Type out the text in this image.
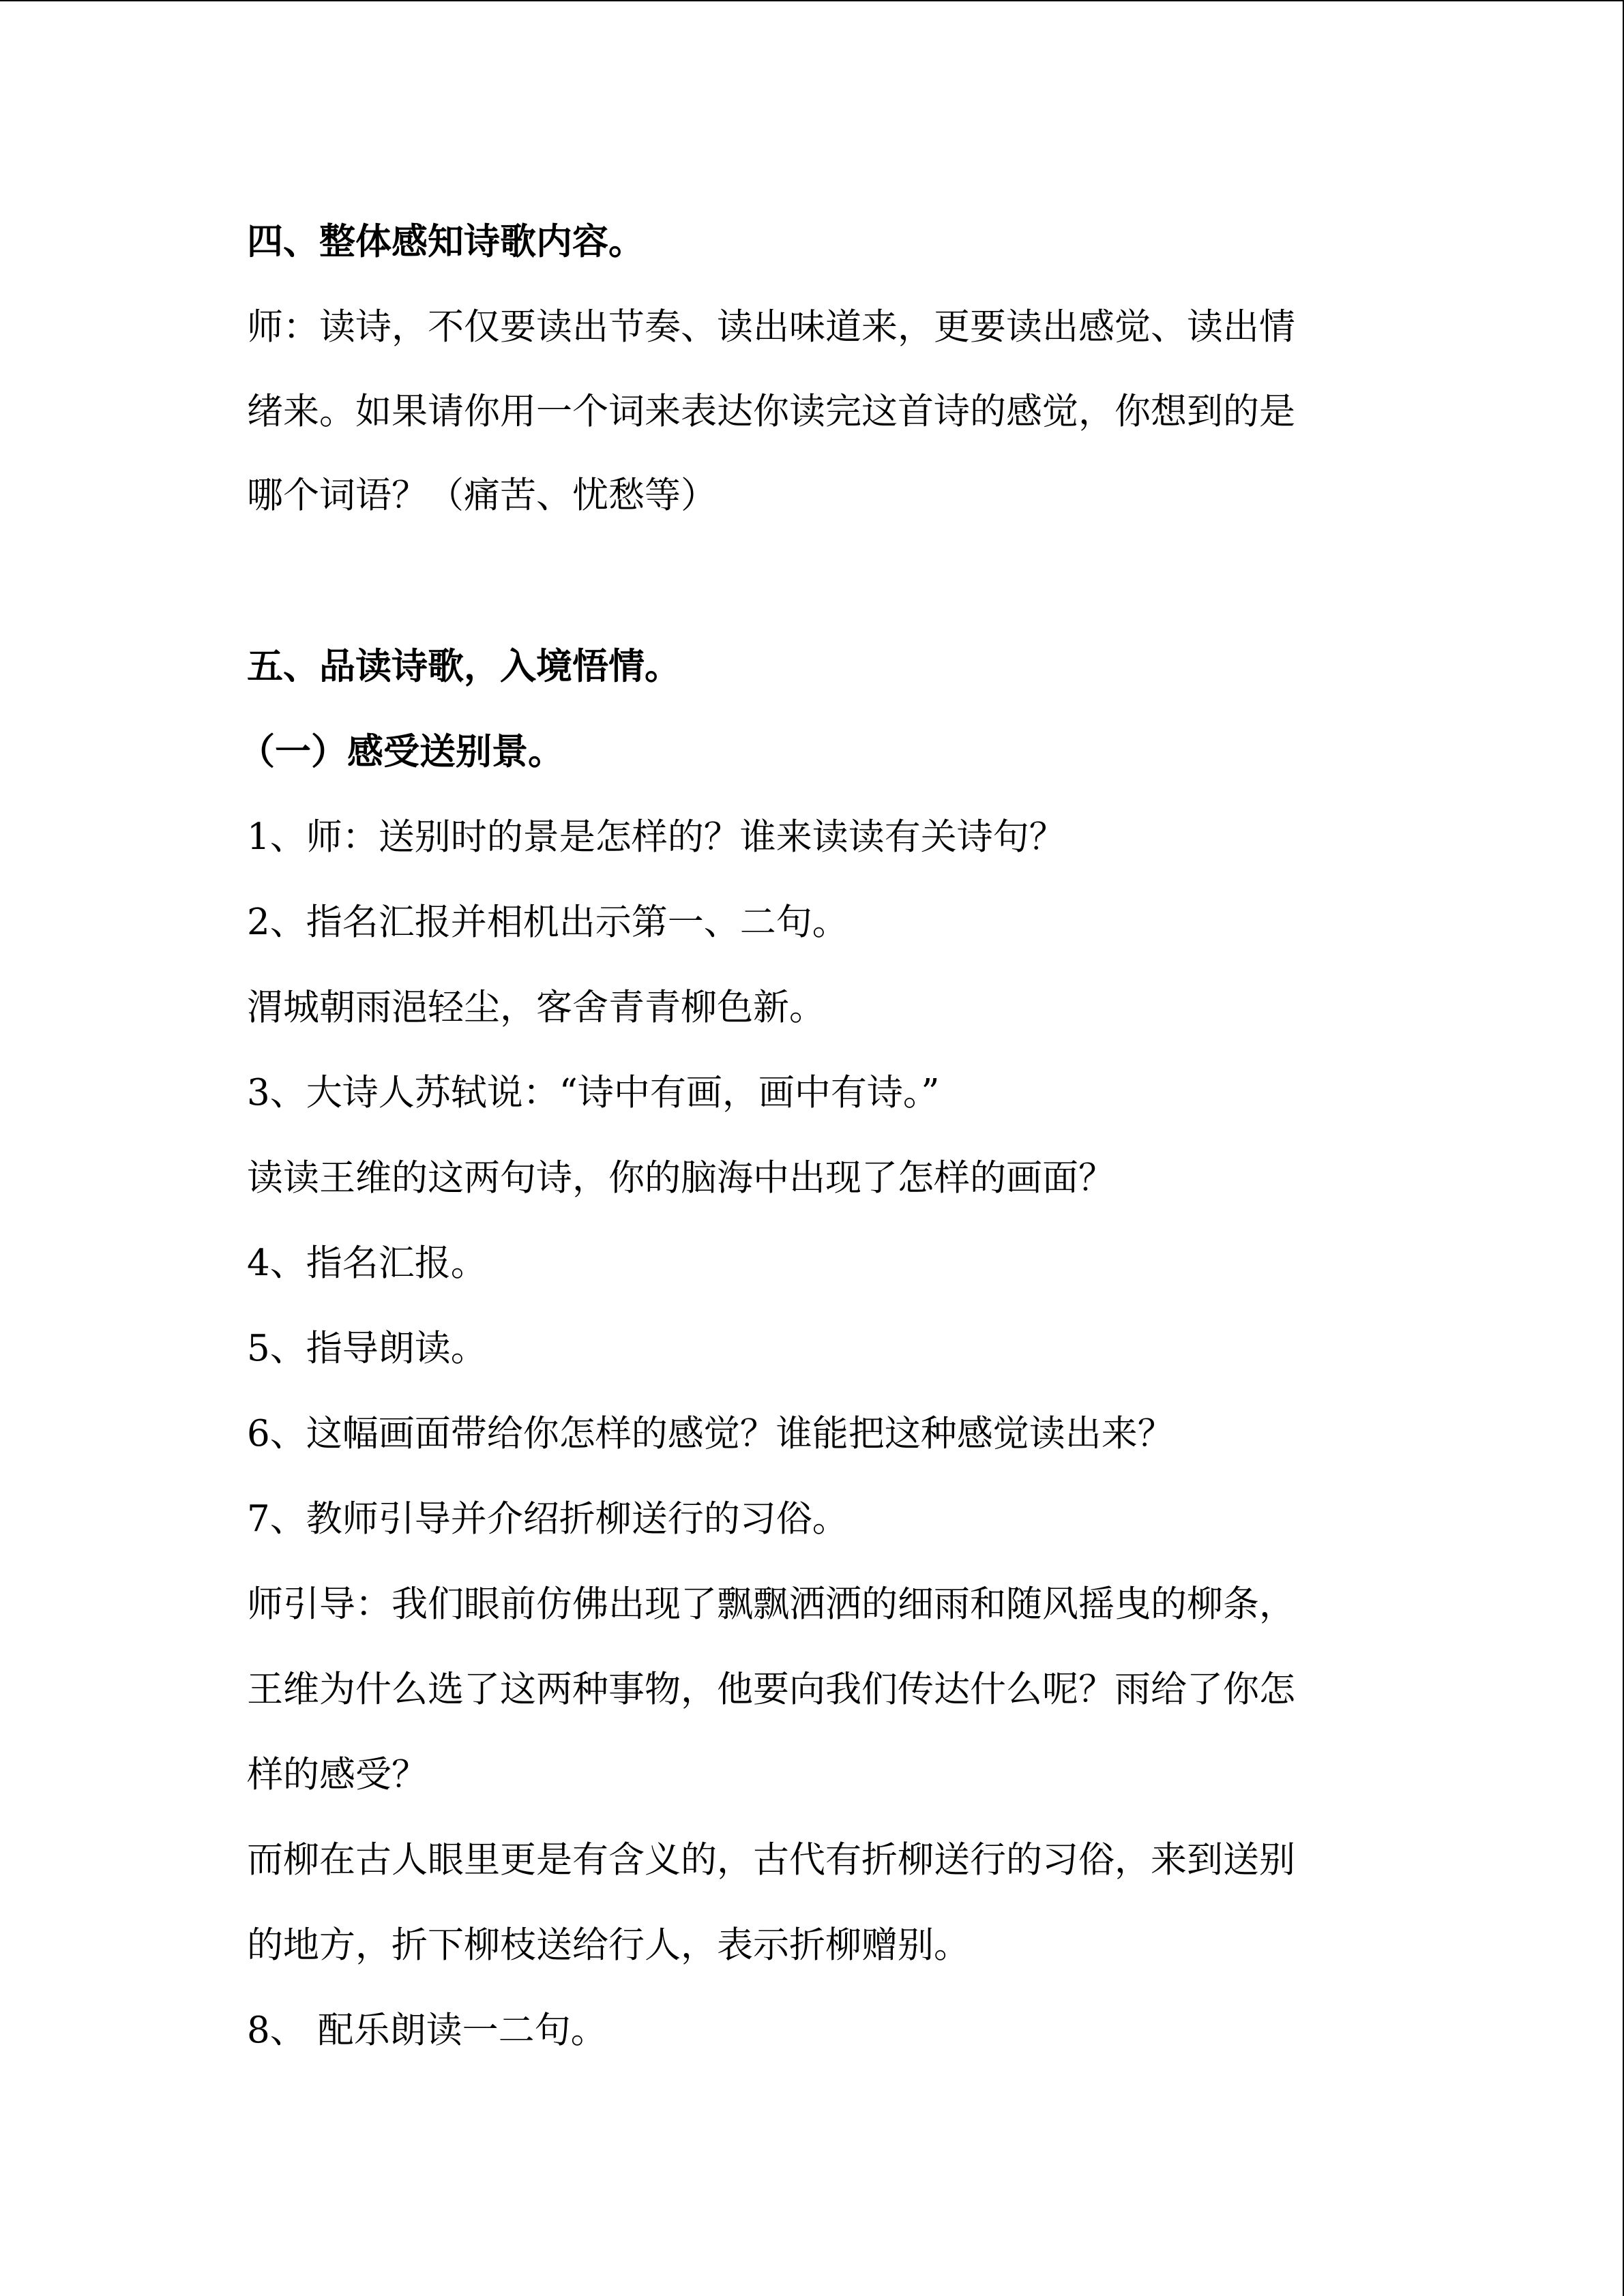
四、整体感知诗歌内容。

师：读诗，不仅要读出节奏、读出味道来，更要读出感觉、读出情

绪来。如果请你用一个词来表达你读完这首诗的感觉，你想到的是

哪个词语？（痛苦、忧愁等）

五、品读诗歌，入境悟情。

（一）感受送别景。

1、师：送别时的景是怎样的？谁来读读有关诗句？

2、指名汇报并相机出示第一、二句。

渭城朝雨浥轻尘，客舍青青柳色新。

3、大诗人苏轼说：“诗中有画，画中有诗。”

读读王维的这两句诗，你的脑海中出现了怎样的画面？

4、指名汇报。

5、指导朗读。

6、这幅画面带给你怎样的感觉？谁能把这种感觉读出来？

7、教师引导并介绍折柳送行的习俗。

师引导：我们眼前仿佛出现了飘飘洒洒的细雨和随风摇曳的柳条，

王维为什么选了这两种事物，他要向我们传达什么呢？雨给了你怎

样的感受？

而柳在古人眼里更是有含义的，古代有折柳送行的习俗，来到送别

的地方，折下柳枝送给行人，表示折柳赠别。

8、 配乐朗读一二句。
